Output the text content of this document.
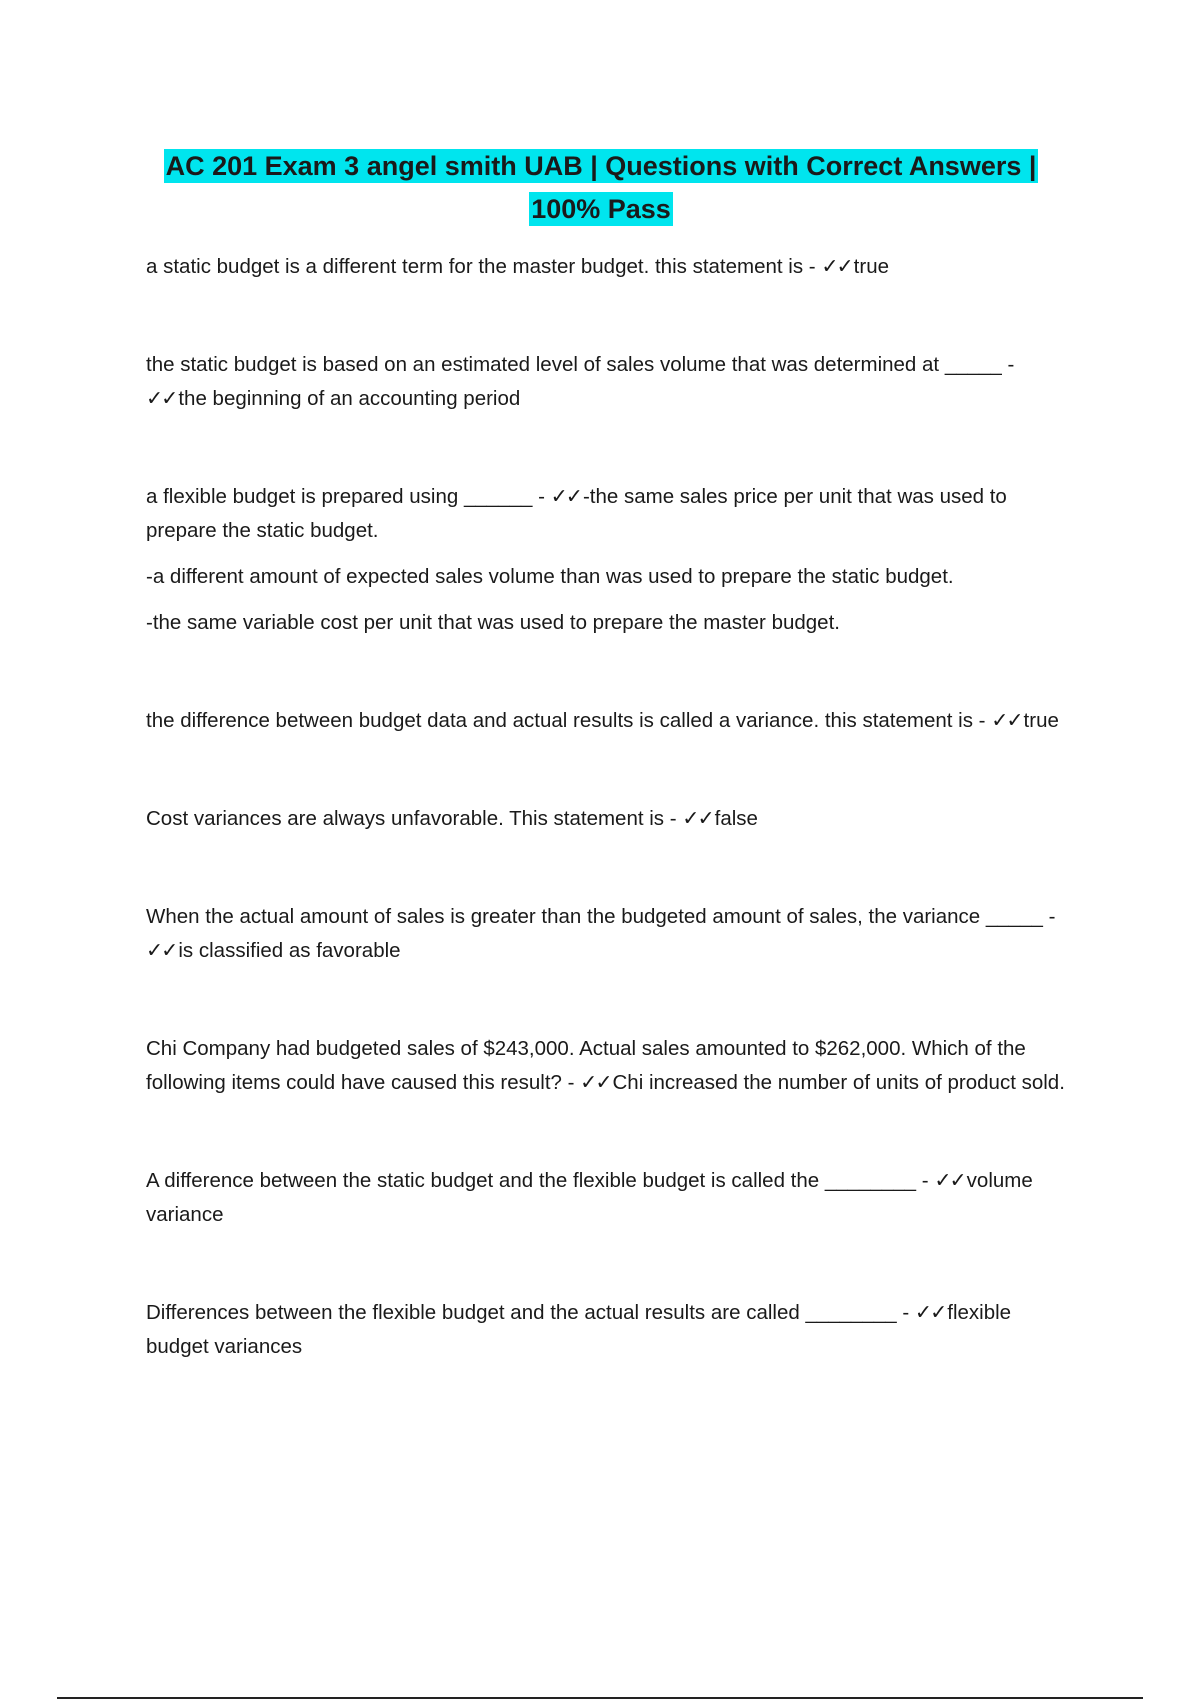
AC 201 Exam 3 angel smith UAB | Questions with Correct Answers |
100% Pass

a static budget is a different term for the master budget. this statement is - ✓✓true

the static budget is based on an estimated level of sales volume that was determined at _____ - ✓✓the beginning of an accounting period

a flexible budget is prepared using ______ - ✓✓-the same sales price per unit that was used to prepare the static budget.

-a different amount of expected sales volume than was used to prepare the static budget.

-the same variable cost per unit that was used to prepare the master budget.

the difference between budget data and actual results is called a variance. this statement is - ✓✓true

Cost variances are always unfavorable. This statement is - ✓✓false

When the actual amount of sales is greater than the budgeted amount of sales, the variance _____ - ✓✓is classified as favorable

Chi Company had budgeted sales of $243,000. Actual sales amounted to $262,000. Which of the following items could have caused this result? - ✓✓Chi increased the number of units of product sold.

A difference between the static budget and the flexible budget is called the ________ - ✓✓volume variance

Differences between the flexible budget and the actual results are called ________ - ✓✓flexible budget variances
